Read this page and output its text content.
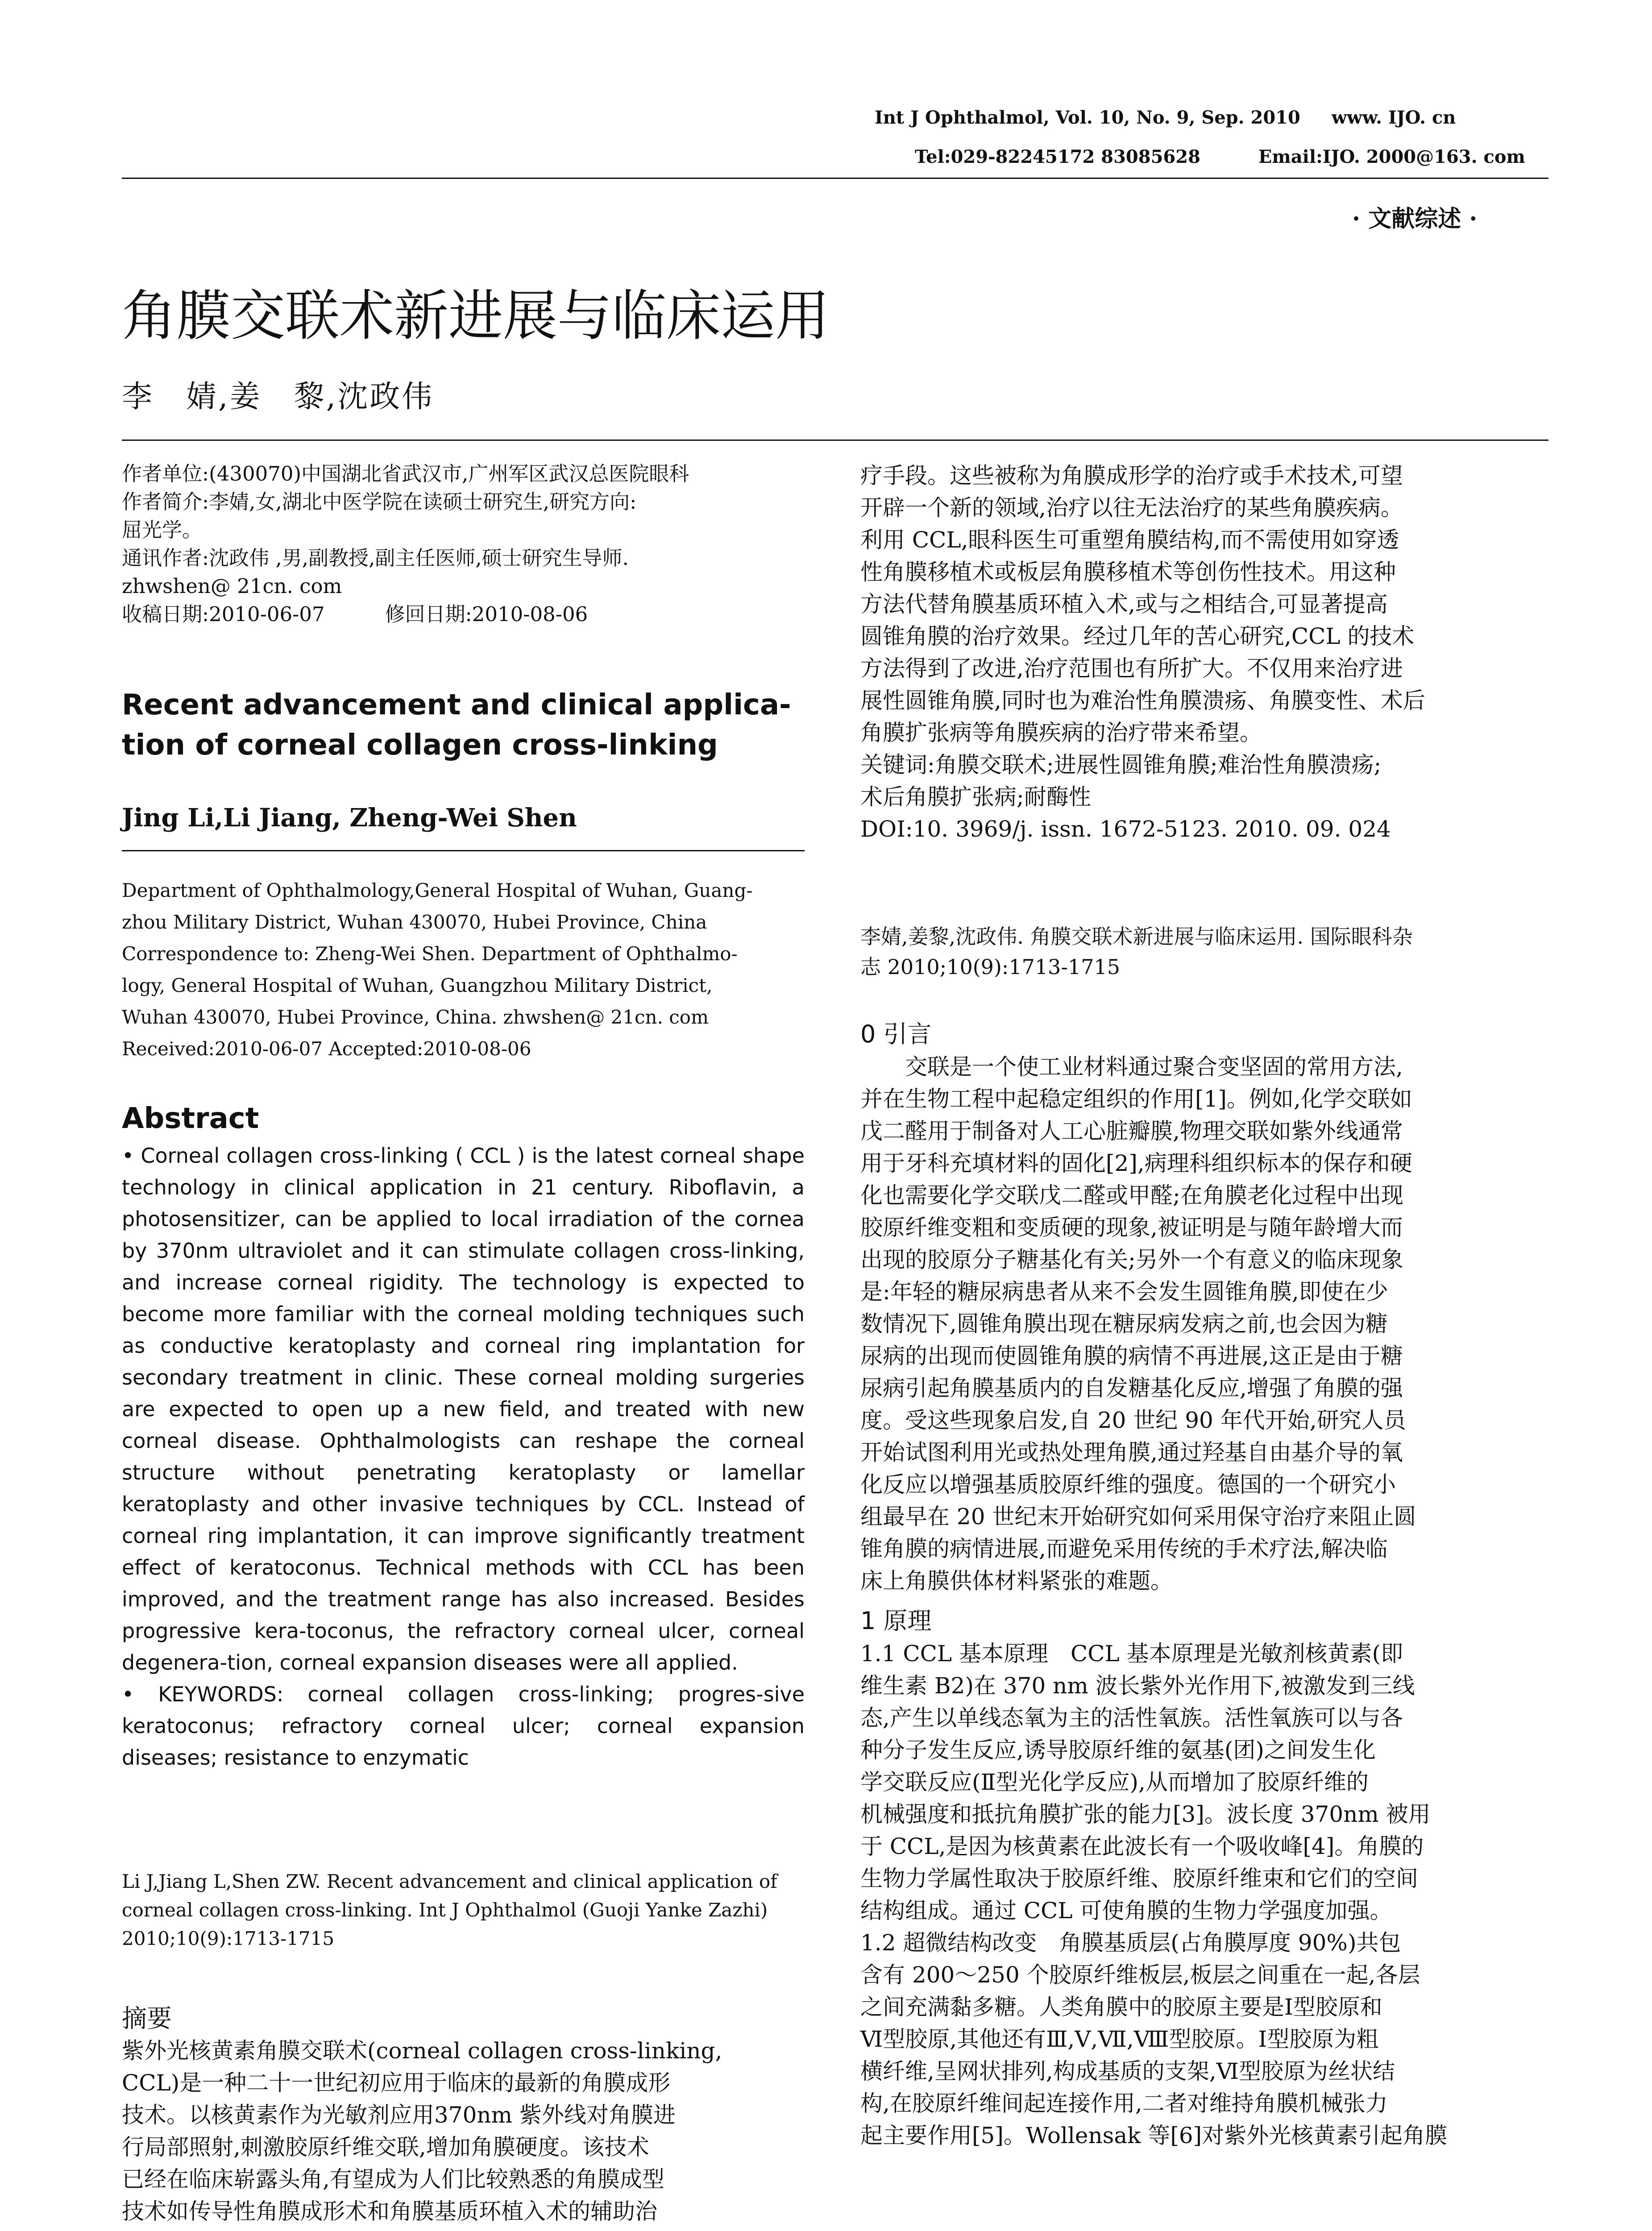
Int J Ophthalmol, Vol. 10, No. 9, Sep. 2010 www. IJO. cn
Tel:029-82245172 83085628	Email:IJO. 2000@163. com
· 文献综述 ·
角膜交联术新进展与临床运用
李　婧,姜　黎,沈政伟
作者单位:(430070)中国湖北省武汉市,广州军区武汉总医院眼科
作者简介:李婧,女,湖北中医学院在读硕士研究生,研究方向:
屈光学。
通讯作者:沈政伟 ,男,副教授,副主任医师,硕士研究生导师.
zhwshen@ 21cn. com
收稿日期:2010-06-07　　　修回日期:2010-08-06
Recent advancement and clinical applica-
tion of corneal collagen cross-linking
Jing Li,Li Jiang, Zheng-Wei Shen
Department of Ophthalmology,General Hospital of Wuhan, Guang-
zhou Military District, Wuhan 430070, Hubei Province, China
Correspondence to: Zheng-Wei Shen. Department of Ophthalmo-
logy, General Hospital of Wuhan, Guangzhou Military District,
Wuhan 430070, Hubei Province, China. zhwshen@ 21cn. com
Received:2010-06-07 Accepted:2010-08-06
Abstract
• Corneal collagen cross-linking ( CCL ) is the latest corneal shape technology in clinical application in 21 century. Riboflavin, a photosensitizer, can be applied to local irradiation of the cornea by 370nm ultraviolet and it can stimulate collagen cross-linking, and increase corneal rigidity. The technology is expected to become more familiar with the corneal molding techniques such as conductive keratoplasty and corneal ring implantation for secondary treatment in clinic. These corneal molding surgeries are expected to open up a new field, and treated with new corneal disease. Ophthalmologists can reshape the corneal structure without penetrating keratoplasty or lamellar keratoplasty and other invasive techniques by CCL. Instead of corneal ring implantation, it can improve significantly treatment effect of keratoconus. Technical methods with CCL has been improved, and the treatment range has also increased. Besides progressive kera-toconus, the refractory corneal ulcer, corneal degenera-tion, corneal expansion diseases were all applied.
• KEYWORDS: corneal collagen cross-linking; progres-sive keratoconus; refractory corneal ulcer; corneal expansion diseases; resistance to enzymatic
Li J,Jiang L,Shen ZW. Recent advancement and clinical application of
corneal collagen cross-linking. Int J Ophthalmol (Guoji Yanke Zazhi)
2010;10(9):1713-1715
摘要
紫外光核黄素角膜交联术(corneal collagen cross-linking,
CCL)是一种二十一世纪初应用于临床的最新的角膜成形
技术。以核黄素作为光敏剂应用370nm 紫外线对角膜进
行局部照射,刺激胶原纤维交联,增加角膜硬度。该技术
已经在临床崭露头角,有望成为人们比较熟悉的角膜成型
技术如传导性角膜成形术和角膜基质环植入术的辅助治
疗手段。这些被称为角膜成形学的治疗或手术技术,可望
开辟一个新的领域,治疗以往无法治疗的某些角膜疾病。
利用 CCL,眼科医生可重塑角膜结构,而不需使用如穿透
性角膜移植术或板层角膜移植术等创伤性技术。用这种
方法代替角膜基质环植入术,或与之相结合,可显著提高
圆锥角膜的治疗效果。经过几年的苦心研究,CCL 的技术
方法得到了改进,治疗范围也有所扩大。不仅用来治疗进
展性圆锥角膜,同时也为难治性角膜溃疡、角膜变性、术后
角膜扩张病等角膜疾病的治疗带来希望。
关键词:角膜交联术;进展性圆锥角膜;难治性角膜溃疡;
术后角膜扩张病;耐酶性
DOI:10. 3969/j. issn. 1672-5123. 2010. 09. 024
李婧,姜黎,沈政伟. 角膜交联术新进展与临床运用. 国际眼科杂
志 2010;10(9):1713-1715
0 引言
　　交联是一个使工业材料通过聚合变坚固的常用方法,
并在生物工程中起稳定组织的作用[1]。例如,化学交联如
戊二醛用于制备对人工心脏瓣膜,物理交联如紫外线通常
用于牙科充填材料的固化[2],病理科组织标本的保存和硬
化也需要化学交联戊二醛或甲醛;在角膜老化过程中出现
胶原纤维变粗和变质硬的现象,被证明是与随年龄增大而
出现的胶原分子糖基化有关;另外一个有意义的临床现象
是:年轻的糖尿病患者从来不会发生圆锥角膜,即使在少
数情况下,圆锥角膜出现在糖尿病发病之前,也会因为糖
尿病的出现而使圆锥角膜的病情不再进展,这正是由于糖
尿病引起角膜基质内的自发糖基化反应,增强了角膜的强
度。受这些现象启发,自 20 世纪 90 年代开始,研究人员
开始试图利用光或热处理角膜,通过羟基自由基介导的氧
化反应以增强基质胶原纤维的强度。德国的一个研究小
组最早在 20 世纪末开始研究如何采用保守治疗来阻止圆
锥角膜的病情进展,而避免采用传统的手术疗法,解决临
床上角膜供体材料紧张的难题。
1 原理
1.1 CCL 基本原理　CCL 基本原理是光敏剂核黄素(即
维生素 B2)在 370 nm 波长紫外光作用下,被激发到三线
态,产生以单线态氧为主的活性氧族。活性氧族可以与各
种分子发生反应,诱导胶原纤维的氨基(团)之间发生化
学交联反应(Ⅱ型光化学反应),从而增加了胶原纤维的
机械强度和抵抗角膜扩张的能力[3]。波长度 370nm 被用
于 CCL,是因为核黄素在此波长有一个吸收峰[4]。角膜的
生物力学属性取决于胶原纤维、胶原纤维束和它们的空间
结构组成。通过 CCL 可使角膜的生物力学强度加强。
1.2 超微结构改变　角膜基质层(占角膜厚度 90%)共包
含有 200～250 个胶原纤维板层,板层之间重在一起,各层
之间充满黏多糖。人类角膜中的胶原主要是Ⅰ型胶原和
Ⅵ型胶原,其他还有Ⅲ,Ⅴ,Ⅶ,Ⅷ型胶原。Ⅰ型胶原为粗
横纤维,呈网状排列,构成基质的支架,Ⅵ型胶原为丝状结
构,在胶原纤维间起连接作用,二者对维持角膜机械张力
起主要作用[5]。Wollensak 等[6]对紫外光核黄素引起角膜
